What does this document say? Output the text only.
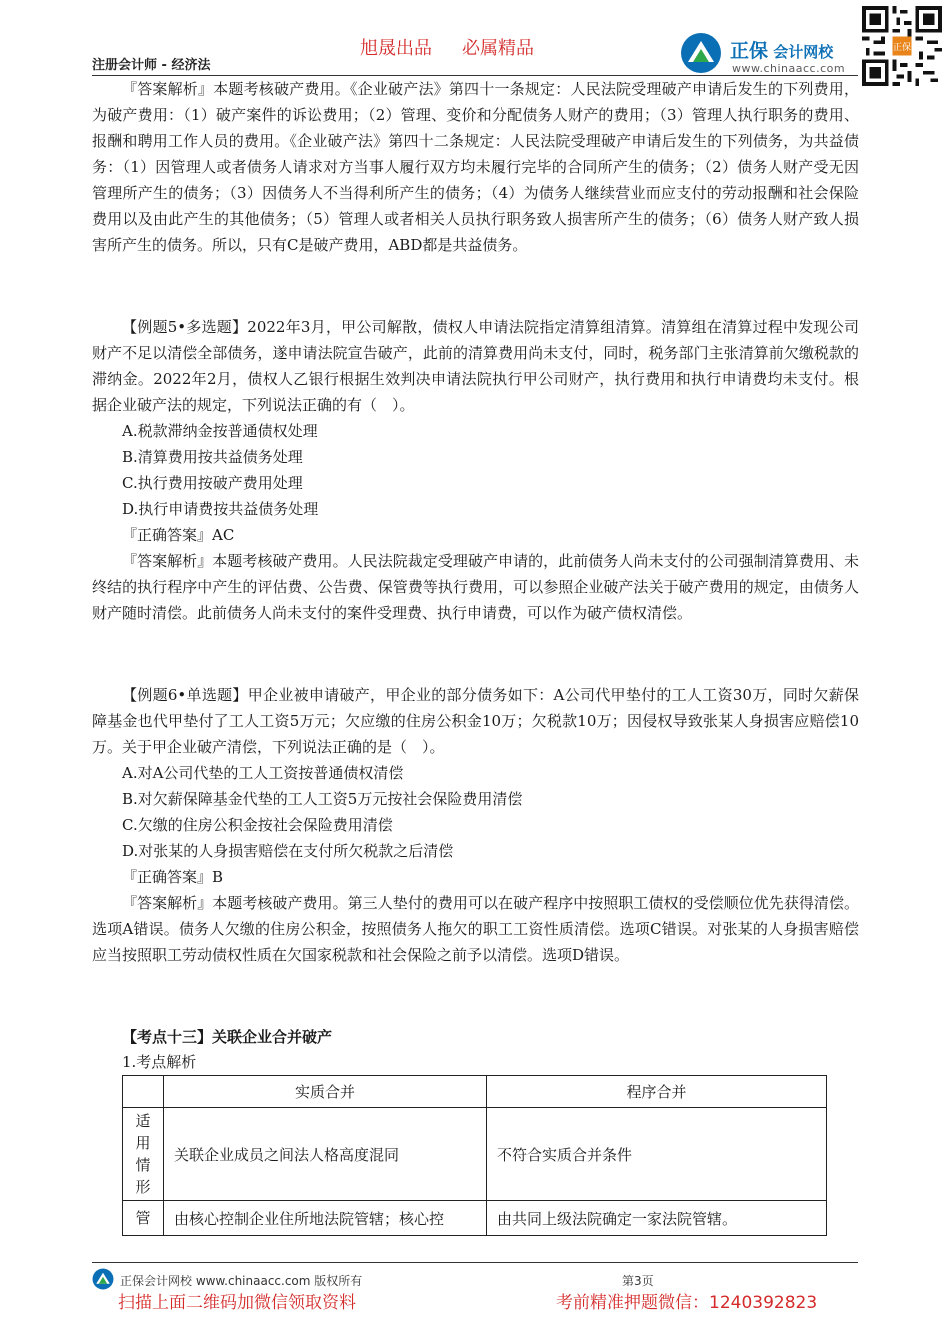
旭晟出品 必属精品
注册会计师 - 经济法
正保 会计网校
www.chinaacc.com
正保
『答案解析』本题考核破产费用。《企业破产法》第四十一条规定：人民法院受理破产申请后发生的下列费用，为破产费用：（1）破产案件的诉讼费用；（2）管理、变价和分配债务人财产的费用；（3）管理人执行职务的费用、报酬和聘用工作人员的费用。《企业破产法》第四十二条规定：人民法院受理破产申请后发生的下列债务，为共益债务：（1）因管理人或者债务人请求对方当事人履行双方均未履行完毕的合同所产生的债务；（2）债务人财产受无因管理所产生的债务；（3）因债务人不当得利所产生的债务；（4）为债务人继续营业而应支付的劳动报酬和社会保险费用以及由此产生的其他债务；（5）管理人或者相关人员执行职务致人损害所产生的债务；（6）债务人财产致人损害所产生的债务。所以，只有C是破产费用，ABD都是共益债务。
【例题5•多选题】2022年3月，甲公司解散，债权人申请法院指定清算组清算。清算组在清算过程中发现公司财产不足以清偿全部债务，遂申请法院宣告破产，此前的清算费用尚未支付，同时，税务部门主张清算前欠缴税款的滞纳金。2022年2月，债权人乙银行根据生效判决申请法院执行甲公司财产，执行费用和执行申请费均未支付。根据企业破产法的规定，下列说法正确的有（　）。
A.税款滞纳金按普通债权处理
B.清算费用按共益债务处理
C.执行费用按破产费用处理
D.执行申请费按共益债务处理
『正确答案』AC
『答案解析』本题考核破产费用。人民法院裁定受理破产申请的，此前债务人尚未支付的公司强制清算费用、未终结的执行程序中产生的评估费、公告费、保管费等执行费用，可以参照企业破产法关于破产费用的规定，由债务人财产随时清偿。此前债务人尚未支付的案件受理费、执行申请费，可以作为破产债权清偿。
【例题6•单选题】甲企业被申请破产，甲企业的部分债务如下：A公司代甲垫付的工人工资30万，同时欠薪保障基金也代甲垫付了工人工资5万元；欠应缴的住房公积金10万；欠税款10万；因侵权导致张某人身损害应赔偿10万。关于甲企业破产清偿，下列说法正确的是（　）。
A.对A公司代垫的工人工资按普通债权清偿
B.对欠薪保障基金代垫的工人工资5万元按社会保险费用清偿
C.欠缴的住房公积金按社会保险费用清偿
D.对张某的人身损害赔偿在支付所欠税款之后清偿
『正确答案』B
『答案解析』本题考核破产费用。第三人垫付的费用可以在破产程序中按照职工债权的受偿顺位优先获得清偿。选项A错误。债务人欠缴的住房公积金，按照债务人拖欠的职工工资性质清偿。选项C错误。对张某的人身损害赔偿应当按照职工劳动债权性质在欠国家税款和社会保险之前予以清偿。选项D错误。
【考点十三】关联企业合并破产
1.考点解析
	实质合并	程序合并

适用情形	关联企业成员之间法人格高度混同	不符合实质合并条件
管	由核心控制企业住所地法院管辖；核心控	由共同上级法院确定一家法院管辖。
正保会计网校 www.chinaacc.com 版权所有	第3页
扫描上面二维码加微信领取资料	考前精准押题微信：1240392823
